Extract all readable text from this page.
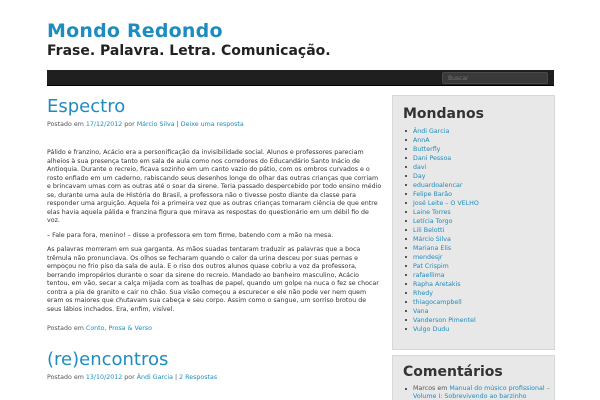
Mondo Redondo
Frase. Palavra. Letra. Comunicação.
Buscar
Espectro
Postado em 17/12/2012 por Márcio Silva | Deixe uma resposta

Pálido e franzino, Acácio era a personificação da invisibilidade social. Alunos e professores pareciam alheios à sua presença tanto em sala de aula como nos corredores do Educandário Santo Inácio de Antioquia. Durante o recreio, ficava sozinho em um canto vazio do pátio, com os ombros curvados e o rosto enfiado em um caderno, rabiscando seus desenhos longe do olhar das outras crianças que corriam e brincavam umas com as outras até o soar da sirene. Teria passado despercebido por todo ensino médio se, durante uma aula de História do Brasil, a professora não o tivesse posto diante da classe para responder uma arguição. Aquela foi a primeira vez que as outras crianças tomaram ciência de que entre elas havia aquela pálida e franzina figura que mirava as respostas do questionário em um débil fio de voz.

– Fale para fora, menino! – disse a professora em tom firme, batendo com a mão na mesa.

As palavras morreram em sua garganta. As mãos suadas tentaram traduzir as palavras que a boca trêmula não pronunciava. Os olhos se fecharam quando o calor da urina desceu por suas pernas e empoçou no frio piso da sala de aula. E o riso dos outros alunos quase cobriu a voz da professora, berrando impropérios durante o soar da sirene do recreio. Mandado ao banheiro masculino, Acácio tentou, em vão, secar a calça mijada com as toalhas de papel, quando um golpe na nuca o fez se chocar contra a pia de granito e cair no chão. Sua visão começou a escurecer e ele não pode ver nem quem eram os maiores que chutavam sua cabeça e seu corpo. Assim como o sangue, um sorriso brotou de seus lábios inchados. Era, enfim, visível.

Postado em Conto, Prosa & Verso
(re)encontros
Postado em 13/10/2012 por Ândi Garcia | 2 Respostas
Mondanos
Ândi Garcia
AnnA
Butterfly
Dani Pessoa
davi
Day
eduardoalencar
Felipe Barão
José Leite – O VELHO
Laine Torres
Letícia Torgo
Lili Belotti
Márcio Silva
Mariana Elis
mendesjr
Pat Crispim
rafaellima
Rapha Aretakis
Rhedy
thiagocampbell
Vana
Vanderson Pimentel
Vulgo Dudu
Comentários
Marcos em Manual do músico profissional – Volume I: Sobrevivendo ao barzinho
